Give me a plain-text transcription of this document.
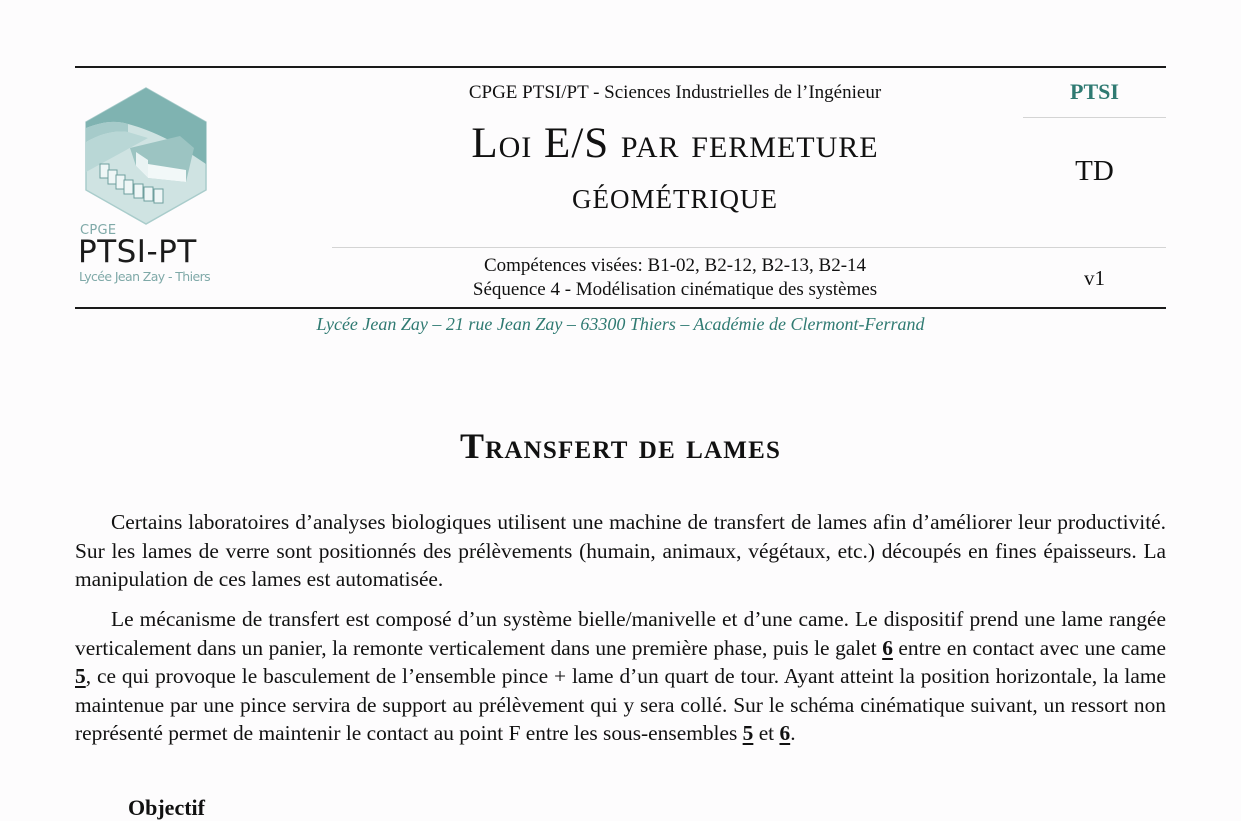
CPGE
PTSI-PT
Lycée Jean Zay - Thiers
CPGE PTSI/PT - Sciences Industrielles de l’Ingénieur
Loi E/S par fermeture
géométrique
Compétences visées: B1-02, B2-12, B2-13, B2-14
Séquence 4 - Modélisation cinématique des systèmes
PTSI
TD
v1
Lycée Jean Zay – 21 rue Jean Zay – 63300 Thiers – Académie de Clermont-Ferrand
Transfert de lames

Certains laboratoires d’analyses biologiques utilisent une machine de transfert de lames afin d’améliorer leur productivité. Sur les lames de verre sont positionnés des prélèvements (humain, animaux, végétaux, etc.) découpés en fines épaisseurs. La manipulation de ces lames est automatisée.

Le mécanisme de transfert est composé d’un système bielle/manivelle et d’une came. Le dispositif prend une lame rangée verticalement dans un panier, la remonte verticalement dans une première phase, puis le galet 6 entre en contact avec une came 5, ce qui provoque le basculement de l’ensemble pince + lame d’un quart de tour. Ayant atteint la position horizontale, la lame maintenue par une pince servira de support au prélèvement qui y sera collé. Sur le schéma cinématique suivant, un ressort non représenté permet de maintenir le contact au point F entre les sous-ensembles 5 et 6.

Objectif
